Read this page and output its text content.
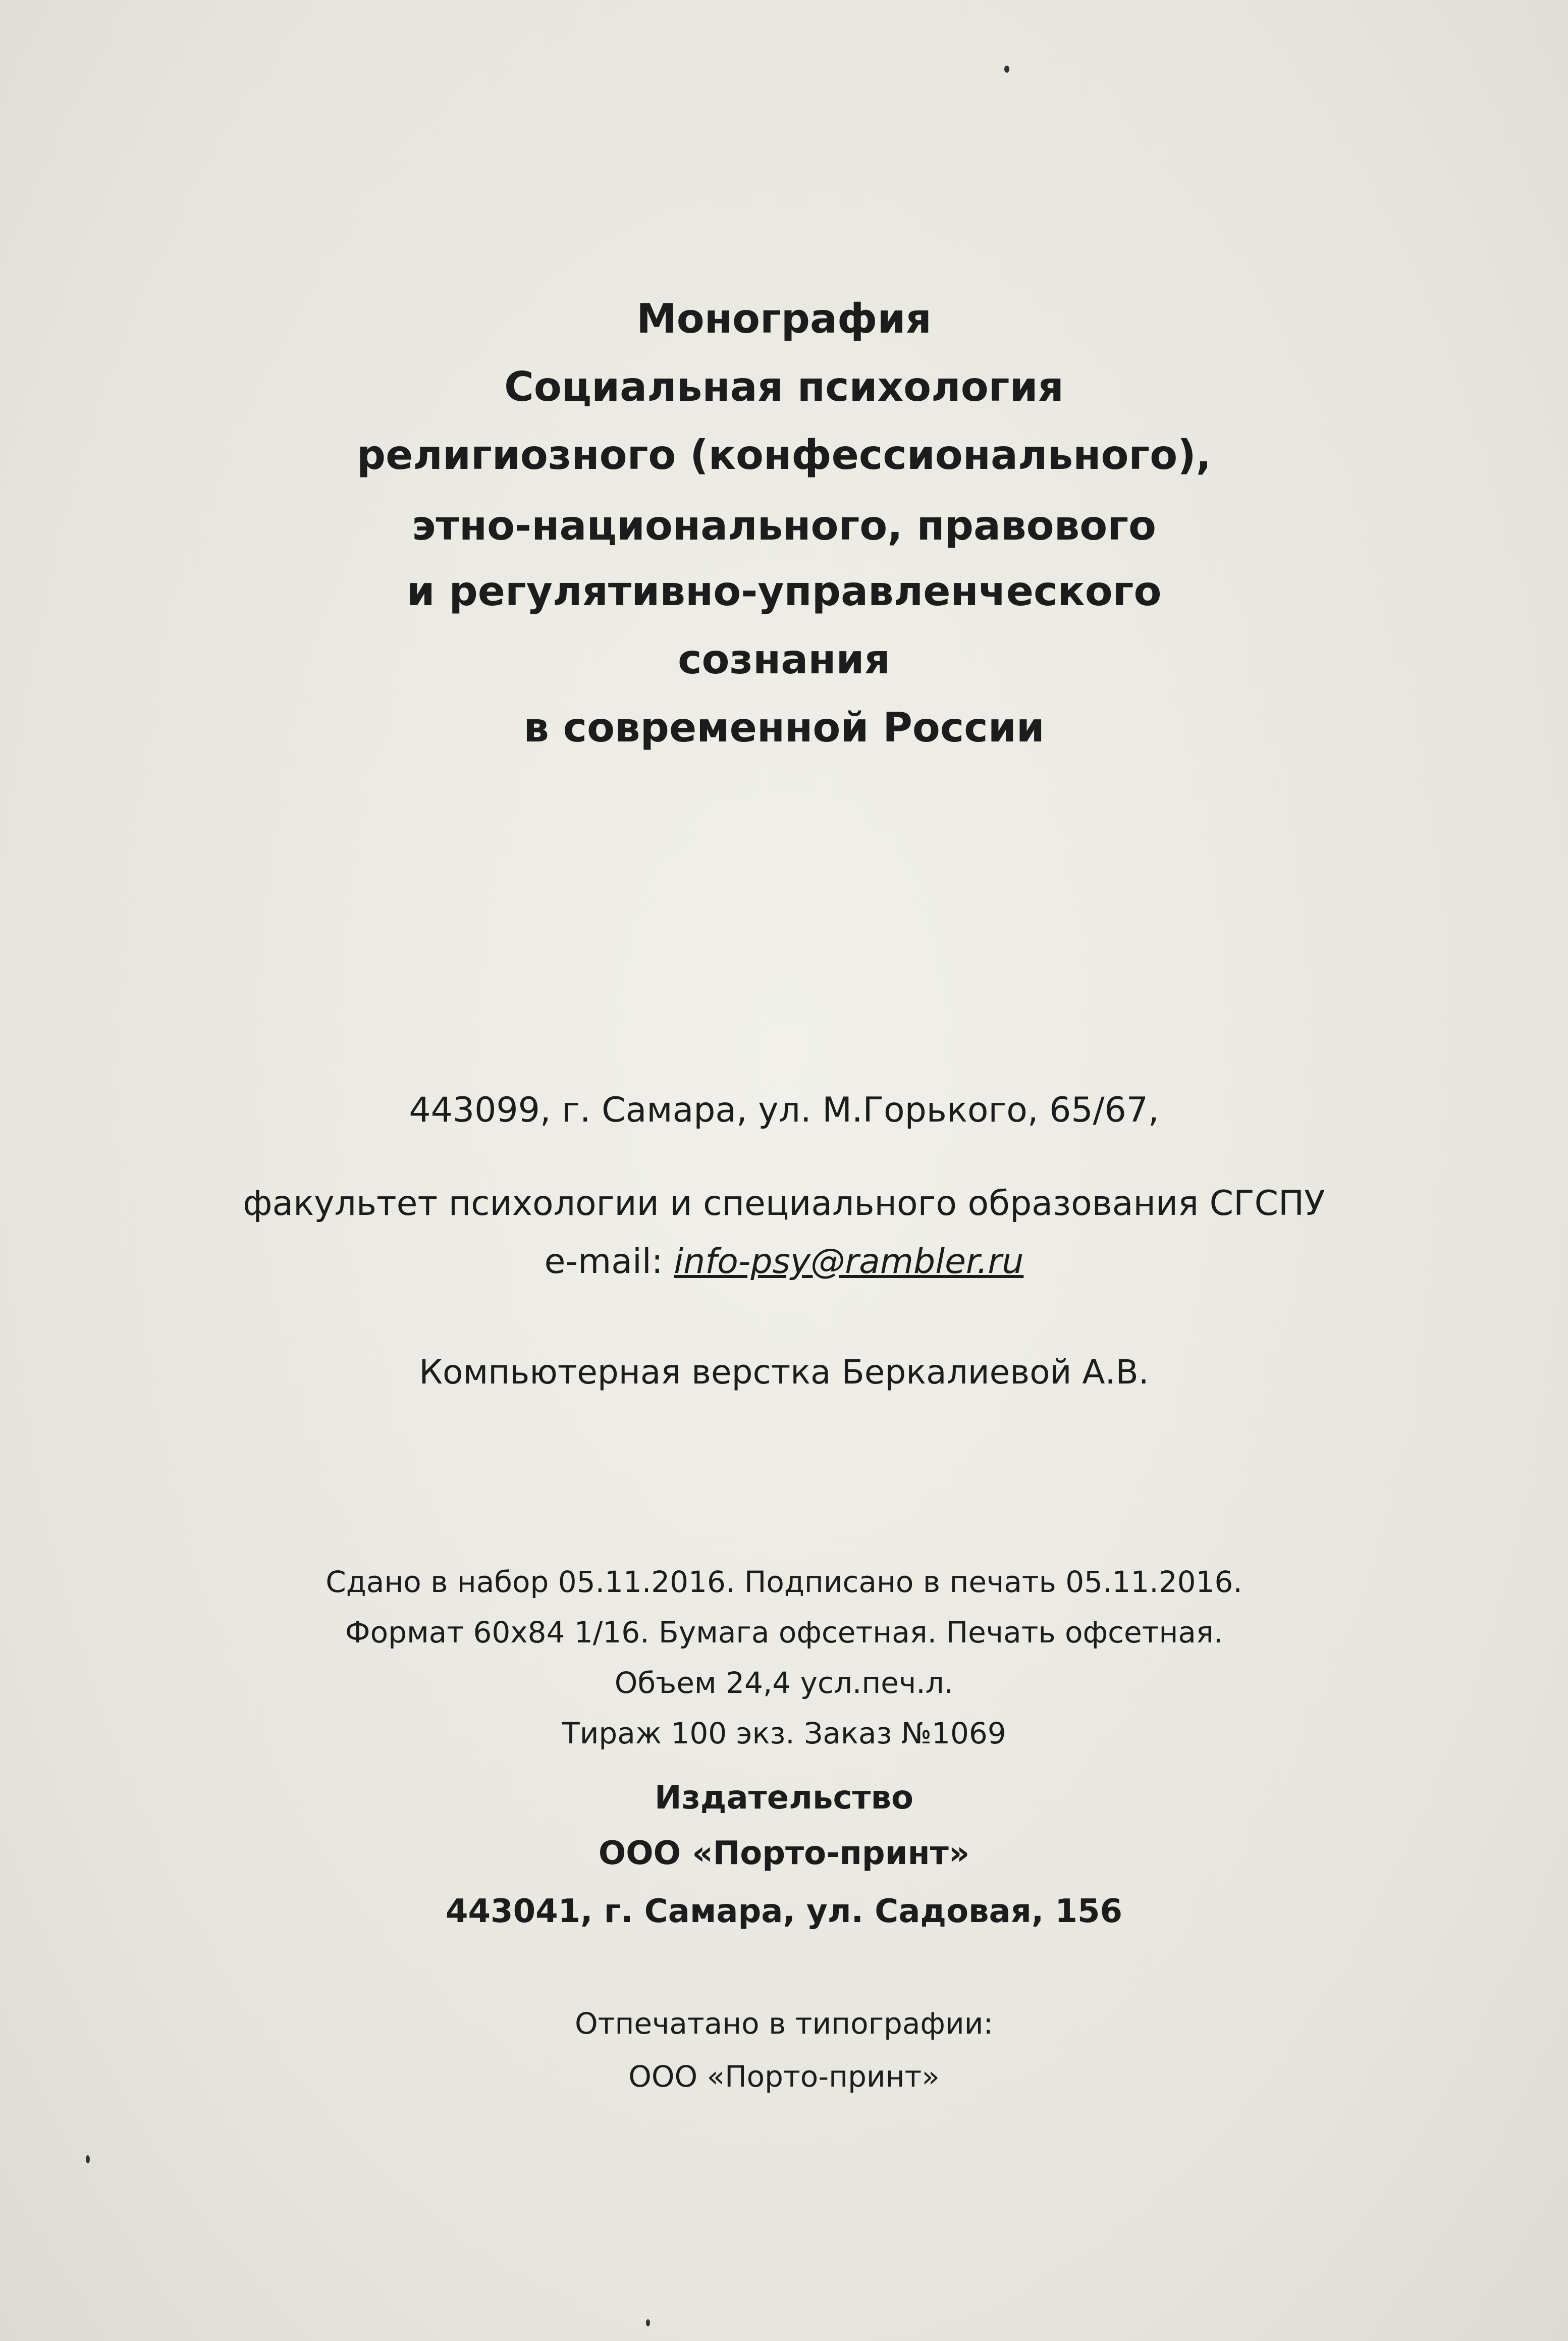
Монография
Социальная психология
религиозного (конфессионального),
этно-национального, правового
и регулятивно-управленческого
сознания
в современной России
443099, г. Самара, ул. М.Горького, 65/67,
факультет психологии и специального образования СГСПУ
e-mail: info-psy@rambler.ru
Компьютерная верстка Беркалиевой А.В.
Сдано в набор 05.11.2016. Подписано в печать 05.11.2016.
Формат 60х84 1/16. Бумага офсетная. Печать офсетная.
Объем 24,4 усл.печ.л.
Тираж 100 экз. Заказ №1069
Издательство
ООО «Порто-принт»
443041, г. Самара, ул. Садовая, 156
Отпечатано в типографии:
ООО «Порто-принт»
